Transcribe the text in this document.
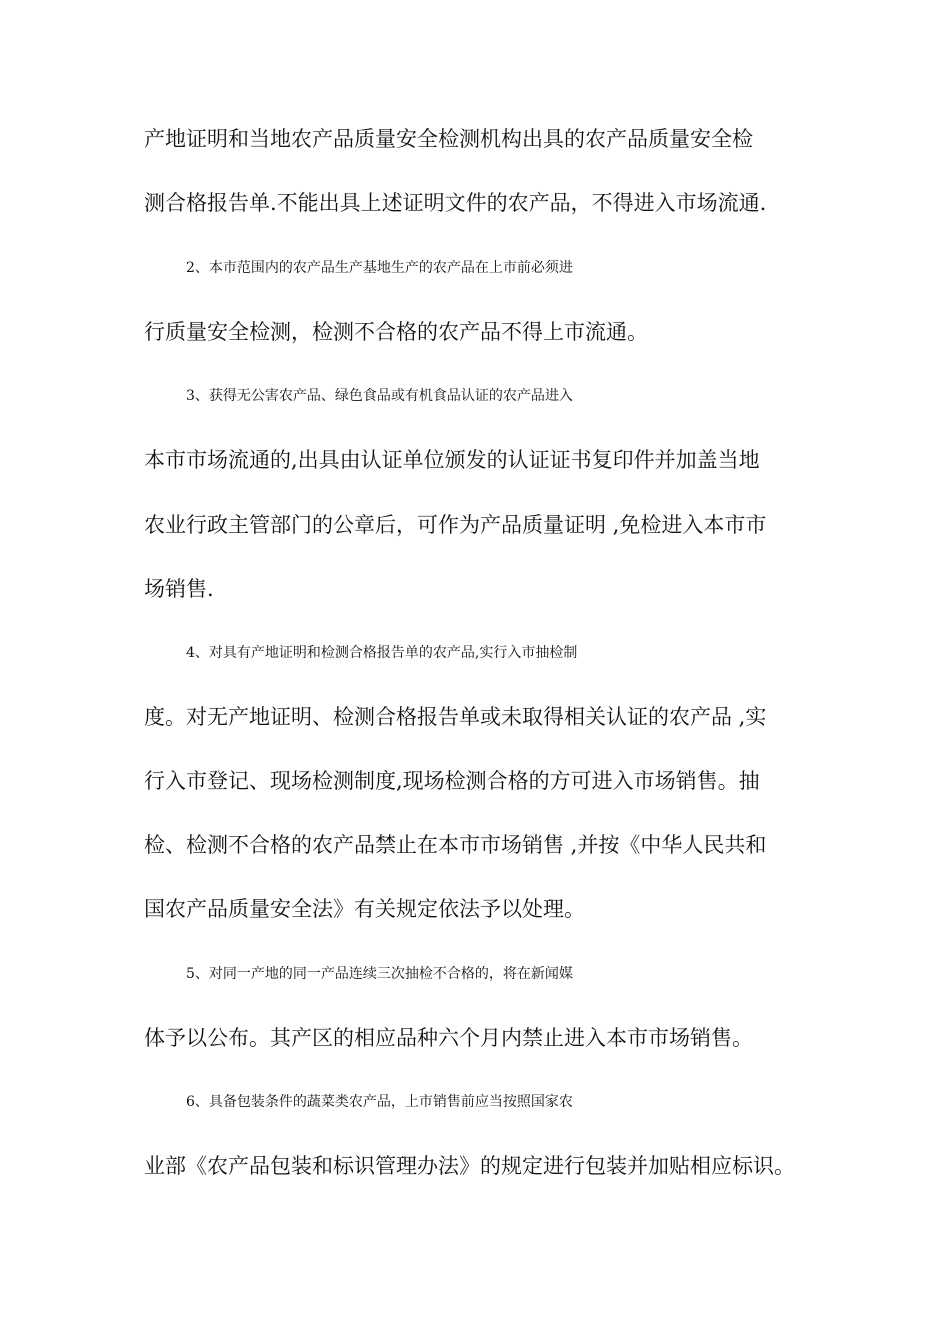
产地证明和当地农产品质量安全检测机构出具的农产品质量安全检
测合格报告单.不能出具上述证明文件的农产品，不得进入市场流通.
2、本市范围内的农产品生产基地生产的农产品在上市前必须进
行质量安全检测，检测不合格的农产品不得上市流通。
3、获得无公害农产品、绿色食品或有机食品认证的农产品进入
本市市场流通的,出具由认证单位颁发的认证证书复印件并加盖当地
农业行政主管部门的公章后，可作为产品质量证明 ,免检进入本市市
场销售.
4、对具有产地证明和检测合格报告单的农产品,实行入市抽检制
度。对无产地证明、检测合格报告单或未取得相关认证的农产品 ,实
行入市登记、现场检测制度,现场检测合格的方可进入市场销售。抽
检、检测不合格的农产品禁止在本市市场销售 ,并按《中华人民共和
国农产品质量安全法》有关规定依法予以处理。
5、对同一产地的同一产品连续三次抽检不合格的，将在新闻媒
体予以公布。其产区的相应品种六个月内禁止进入本市市场销售。
6、具备包装条件的蔬菜类农产品，上市销售前应当按照国家农
业部《农产品包装和标识管理办法》的规定进行包装并加贴相应标识。
